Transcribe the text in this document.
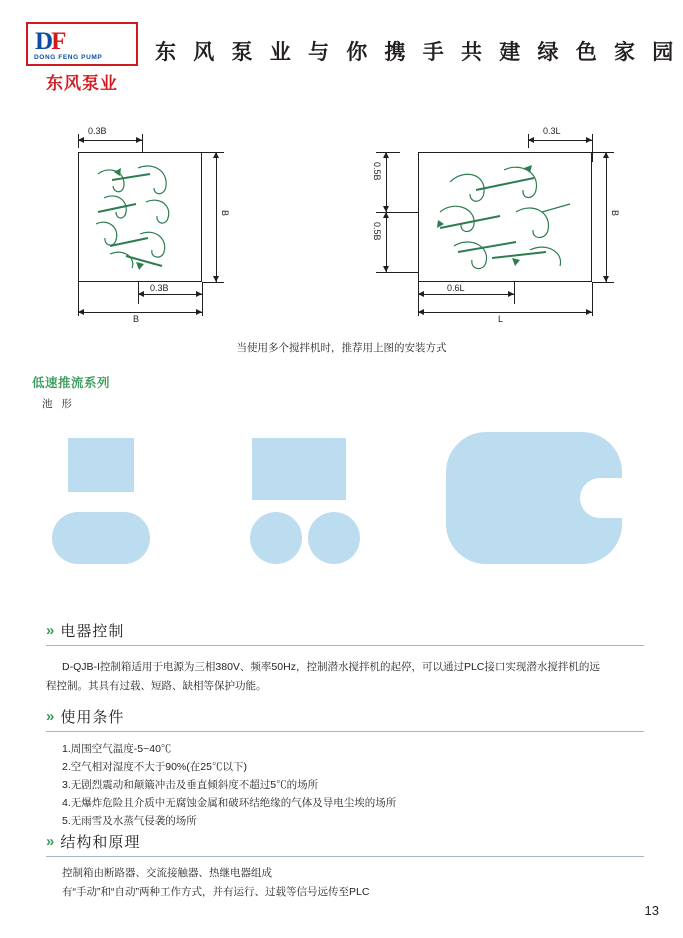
DF
DONG FENG PUMP
东风泵业
东 风 泵 业 与 你 携 手 共 建 绿 色 家 园
0.3B
B
0.3B
B
0.3L
0.5B
0.5B
B
0.6L
L
当使用多个搅拌机时，推荐用上图的安装方式
低速推流系列
池 形
» 电器控制
D-QJB-I控制箱适用于电源为三相380V、频率50Hz，控制潜水搅拌机的起停，可以通过PLC接口实现潜水搅拌机的远
程控制。其具有过载、短路、缺相等保护功能。
» 使用条件
1.周围空气温度-5~40℃
2.空气相对湿度不大于90%(在25℃以下)
3.无剧烈震动和颠簸冲击及垂直倾斜度不超过5℃的场所
4.无爆炸危险且介质中无腐蚀金属和破环结绝缘的气体及导电尘埃的场所
5.无雨雪及水蒸气侵袭的场所
» 结构和原理
控制箱由断路器、交流接触器、热继电器组成
有“手动”和“自动”两种工作方式，并有运行、过载等信号远传至PLC
13
